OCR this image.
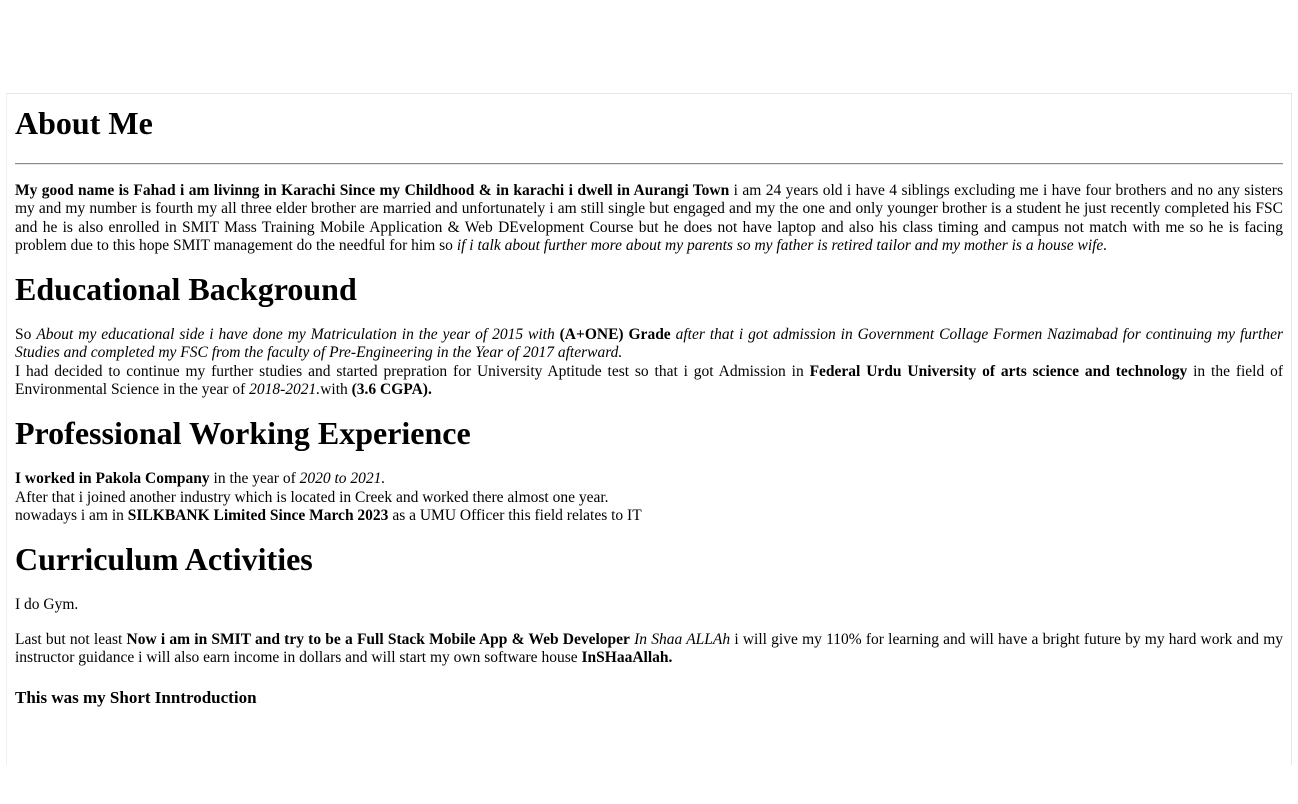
About Me

My good name is Fahad i am livinng in Karachi Since my Childhood & in karachi i dwell in Aurangi Town i am 24 years old i have 4 siblings excluding me i have four brothers and no any sisters my and my number is fourth my all three elder brother are married and unfortunately i am still single but engaged and my the one and only younger brother is a student he just recently completed his FSC and he is also enrolled in SMIT Mass Training Mobile Application & Web DEvelopment Course but he does not have laptop and also his class timing and campus not match with me so he is facing problem due to this hope SMIT management do the needful for him so if i talk about further more about my parents so my father is retired tailor and my mother is a house wife.

Educational Background

So About my educational side i have done my Matriculation in the year of 2015 with (A+ONE) Grade after that i got admission in Government Collage Formen Nazimabad for continuing my further Studies and completed my FSC from the faculty of Pre-Engineering in the Year of 2017 afterward.
I had decided to continue my further studies and started prepration for University Aptitude test so that i got Admission in Federal Urdu University of arts science and technology in the field of Environmental Science in the year of 2018-2021.with (3.6 CGPA).

Professional Working Experience

I worked in Pakola Company in the year of 2020 to 2021.
After that i joined another industry which is located in Creek and worked there almost one year.
nowadays i am in SILKBANK Limited Since March 2023 as a UMU Officer this field relates to IT

Curriculum Activities

I do Gym.

Last but not least Now i am in SMIT and try to be a Full Stack Mobile App & Web Developer In Shaa ALLAh i will give my 110% for learning and will have a bright future by my hard work and my instructor guidance i will also earn income in dollars and will start my own software house InSHaaAllah.

This was my Short Inntroduction
